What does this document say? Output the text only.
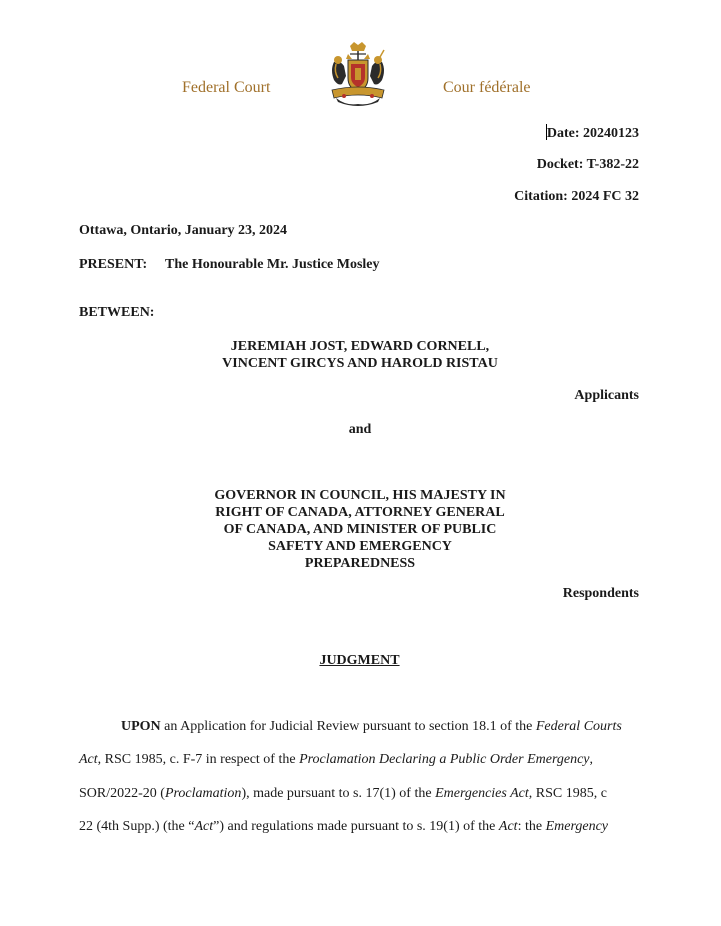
Federal Court	Cour fédérale
Date: 20240123
Docket: T-382-22
Citation: 2024 FC 32
Ottawa, Ontario, January 23, 2024
PRESENT: The Honourable Mr. Justice Mosley
BETWEEN:
JEREMIAH JOST, EDWARD CORNELL,
VINCENT GIRCYS AND HAROLD RISTAU
Applicants
and
GOVERNOR IN COUNCIL, HIS MAJESTY IN
RIGHT OF CANADA, ATTORNEY GENERAL
OF CANADA, AND MINISTER OF PUBLIC
SAFETY AND EMERGENCY
PREPAREDNESS
Respondents
JUDGMENT
UPON an Application for Judicial Review pursuant to section 18.1 of the Federal Courts
Act, RSC 1985, c. F-7 in respect of the Proclamation Declaring a Public Order Emergency,
SOR/2022-20 (Proclamation), made pursuant to s. 17(1) of the Emergencies Act, RSC 1985, c
22 (4th Supp.) (the “Act”) and regulations made pursuant to s. 19(1) of the Act: the Emergency
